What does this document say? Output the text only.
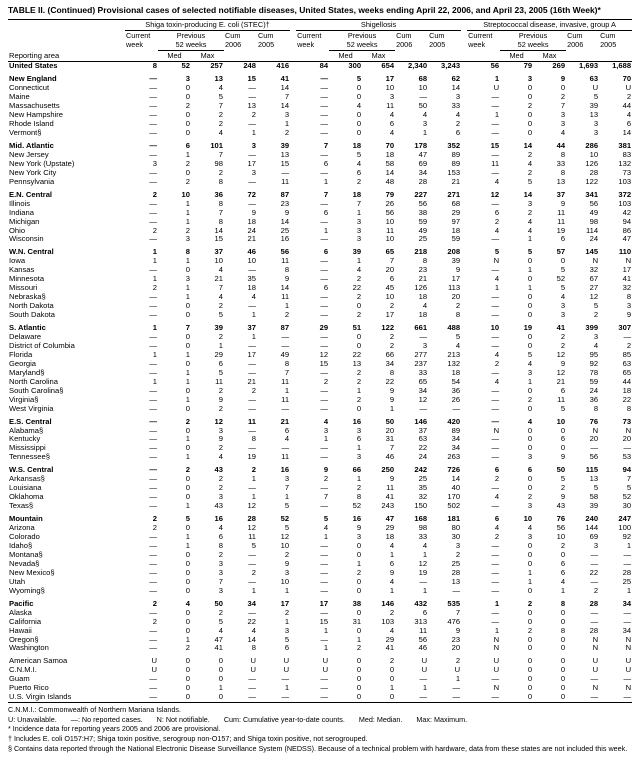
TABLE II. (Continued) Provisional cases of selected notifiable diseases, United States, weeks ending April 22, 2006, and April 23, 2005 (16th Week)*
Reporting area	Shiga toxin-producing E. coli (STEC)†						Shigellosis						Streptococcal disease, invasive, group A				

Current
week

Previous
52 weeks

Cum
2006

Cum
2005

Current
week

Previous
52 weeks

Cum
2006

Cum
2005

Current
week

Previous
52 weeks

Cum
2006

Cum
2005

		Med	Max					Med	Max					Med	Max		
United States	8	52	257	248	416		84	300	654	2,340	3,243		56	79	269	1,693	1,688

New England	—	3	13	15	41		—	5	17	68	62		1	3	9	63	70
Connecticut	—	0	4	—	14		—	0	10	10	14		U	0	0	U	U
Maine	—	0	5	—	7		—	0	3	—	3		—	0	2	5	2
Massachusetts	—	2	7	13	14		—	4	11	50	33		—	2	7	39	44
New Hampshire	—	0	2	2	3		—	0	4	4	4		1	0	3	13	4
Rhode Island	—	0	2	—	1		—	0	6	3	2		—	0	3	3	6
Vermont§	—	0	4	1	2		—	0	4	1	6		—	0	4	3	14

Mid. Atlantic	—	6	101	3	39		7	18	70	178	352		15	14	44	286	381
New Jersey	—	1	7	—	13		—	5	18	47	89		—	2	8	10	83
New York (Upstate)	3	2	98	17	15		6	4	58	69	89		11	4	33	126	132
New York City	—	0	2	3	—		—	6	14	34	153		—	2	8	28	73
Pennsylvania	—	2	8	—	11		1	2	48	28	21		4	5	13	122	103

E.N. Central	2	10	36	72	87		7	18	79	227	271		12	14	37	341	372
Illinois	—	1	8	—	23		—	7	26	56	68		—	3	9	56	103
Indiana	—	1	7	9	9		6	1	56	38	29		6	2	11	49	42
Michigan	—	1	8	18	14		—	3	10	59	97		2	4	11	98	94
Ohio	2	2	14	24	25		1	3	11	49	18		4	4	19	114	86
Wisconsin	—	3	15	21	16		—	3	10	25	59		—	1	6	24	47

W.N. Central	1	8	37	46	56		6	39	65	218	208		5	5	57	145	110
Iowa	1	1	10	10	11		—	1	7	8	39		N	0	0	N	N
Kansas	—	0	4	—	8		—	4	20	23	9		—	1	5	32	17
Minnesota	1	3	21	35	9		—	2	6	21	17		4	0	52	67	41
Missouri	2	1	7	18	14		6	22	45	126	113		1	1	5	27	32
Nebraska§	—	1	4	4	11		—	2	10	18	20		—	0	4	12	8
North Dakota	—	0	2	—	1		—	0	2	4	2		—	0	3	5	3
South Dakota	—	0	5	1	2		—	2	17	18	8		—	0	3	2	9

S. Atlantic	1	7	39	37	87		29	51	122	661	488		10	19	41	399	307
Delaware	—	0	2	1	—		—	0	2	—	5		—	0	2	3	—
District of Columbia	—	0	1	—	—		—	0	2	3	4		—	0	2	4	2
Florida	1	1	29	17	49		12	22	66	277	213		4	5	12	95	85
Georgia	—	0	6	—	8		15	13	34	237	132		2	4	9	92	63
Maryland§	—	1	5	—	7		—	2	8	33	18		—	3	12	78	65
North Carolina	1	1	11	21	11		2	2	22	65	54		4	1	21	59	44
South Carolina§	—	0	2	2	1		—	1	9	34	36		—	0	6	24	18
Virginia§	—	1	9	—	11		—	2	9	12	26		—	2	11	36	22
West Virginia	—	0	2	—	—		—	0	1	—	—		—	0	5	8	8

E.S. Central	—	2	12	11	21		4	16	50	146	420		—	4	10	76	73
Alabama§	—	0	3	—	6		3	3	20	37	89		N	0	0	N	N
Kentucky	—	1	9	8	4		1	6	31	63	34		—	0	6	20	20
Mississippi	—	0	2	—	—		—	1	7	22	34		—	0	0	—	—
Tennessee§	—	1	4	19	11		—	3	46	24	263		—	3	9	56	53

W.S. Central	—	2	43	2	16		9	66	250	242	726		6	6	50	115	94
Arkansas§	—	0	2	1	3		2	1	9	25	14		2	0	5	13	7
Louisiana	—	0	2	—	7		—	2	11	35	40		—	0	2	5	5
Oklahoma	—	0	3	1	1		7	8	41	32	170		4	2	9	58	52
Texas§	—	1	43	12	5		—	52	243	150	502		—	3	43	39	30

Mountain	2	5	16	28	52		5	16	47	168	181		6	10	76	240	247
Arizona	2	0	4	12	5		4	9	29	98	80		4	4	56	144	100
Colorado	—	1	6	11	12		1	3	18	33	30		2	3	10	69	92
Idaho§	—	1	8	5	10		—	0	4	4	3		—	0	2	3	1
Montana§	—	0	2	—	2		—	0	1	1	2		—	0	0	—	—
Nevada§	—	0	3	—	9		—	1	6	12	25		—	0	6	—	—
New Mexico§	—	0	3	2	3		—	2	9	19	28		—	1	6	22	28
Utah	—	0	7	—	10		—	0	4	—	13		—	1	4	—	25
Wyoming§	—	0	3	1	1		—	0	1	1	—		—	0	1	2	1

Pacific	2	4	50	34	17		17	38	146	432	535		1	2	8	28	34
Alaska	—	0	2	—	2		—	0	2	6	7		—	0	0	—	—
California	2	0	5	22	1		15	31	103	313	476		—	0	0	—	—
Hawaii	—	0	4	4	3		1	0	4	11	9		1	2	8	28	34
Oregon§	—	1	47	14	5		—	1	29	56	23		N	0	0	N	N
Washington	—	2	41	8	6		1	2	41	46	20		N	0	0	N	N

American Samoa	U	0	0	U	U		U	0	2	U	2		U	0	0	U	U
C.N.M.I.	U	0	0	U	U		U	0	0	U	U		U	0	0	U	U
Guam	—	0	0	—	—		—	0	0	—	1		—	0	0	—	—
Puerto Rico	—	0	1	—	1		—	0	1	1	—		N	0	0	N	N
U.S. Virgin Islands	—	0	0	—	—		—	0	0	—	—		—	0	0	—	—
C.N.M.I.: Commonwealth of Northern Mariana Islands.
U: Unavailable. —: No reported cases. N: Not notifiable. Cum: Cumulative year-to-date counts. Med: Median. Max: Maximum.
* Incidence data for reporting years 2005 and 2006 are provisional.
† Includes E. coli O157:H7; Shiga toxin positive, serogroup non-O157; and Shiga toxin positive, not serogrouped.
§ Contains data reported through the National Electronic Disease Surveillance System (NEDSS). Because of a technical problem with hardware, data from these states are not included this week.
